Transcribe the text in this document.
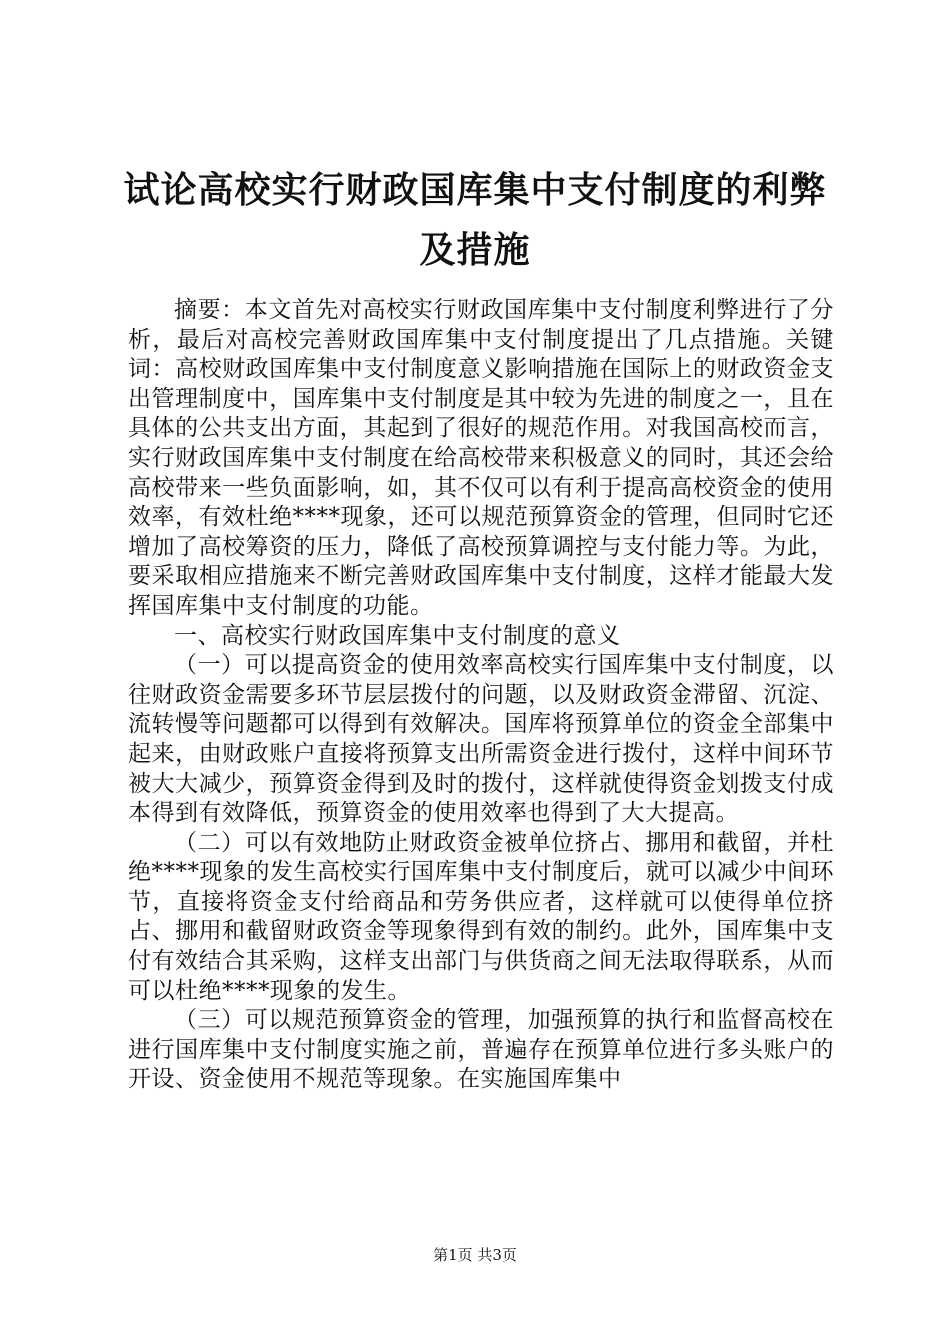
试论高校实行财政国库集中支付制度的利弊及措施

摘要：本文首先对高校实行财政国库集中支付制度利弊进行了分析，最后对高校完善财政国库集中支付制度提出了几点措施。关键词：高校财政国库集中支付制度意义影响措施在国际上的财政资金支出管理制度中，国库集中支付制度是其中较为先进的制度之一，且在具体的公共支出方面，其起到了很好的规范作用。对我国高校而言，实行财政国库集中支付制度在给高校带来积极意义的同时，其还会给高校带来一些负面影响，如，其不仅可以有利于提高高校资金的使用效率，有效杜绝****现象，还可以规范预算资金的管理，但同时它还增加了高校筹资的压力，降低了高校预算调控与支付能力等。为此，要采取相应措施来不断完善财政国库集中支付制度，这样才能最大发挥国库集中支付制度的功能。

一、高校实行财政国库集中支付制度的意义

（一）可以提高资金的使用效率高校实行国库集中支付制度，以往财政资金需要多环节层层拨付的问题，以及财政资金滞留、沉淀、流转慢等问题都可以得到有效解决。国库将预算单位的资金全部集中起来，由财政账户直接将预算支出所需资金进行拨付，这样中间环节被大大减少，预算资金得到及时的拨付，这样就使得资金划拨支付成本得到有效降低，预算资金的使用效率也得到了大大提高。

（二）可以有效地防止财政资金被单位挤占、挪用和截留，并杜绝****现象的发生高校实行国库集中支付制度后，就可以减少中间环节，直接将资金支付给商品和劳务供应者，这样就可以使得单位挤占、挪用和截留财政资金等现象得到有效的制约。此外，国库集中支付有效结合其采购，这样支出部门与供货商之间无法取得联系，从而可以杜绝****现象的发生。

（三）可以规范预算资金的管理，加强预算的执行和监督高校在进行国库集中支付制度实施之前，普遍存在预算单位进行多头账户的开设、资金使用不规范等现象。在实施国库集中

第1页 共3页
